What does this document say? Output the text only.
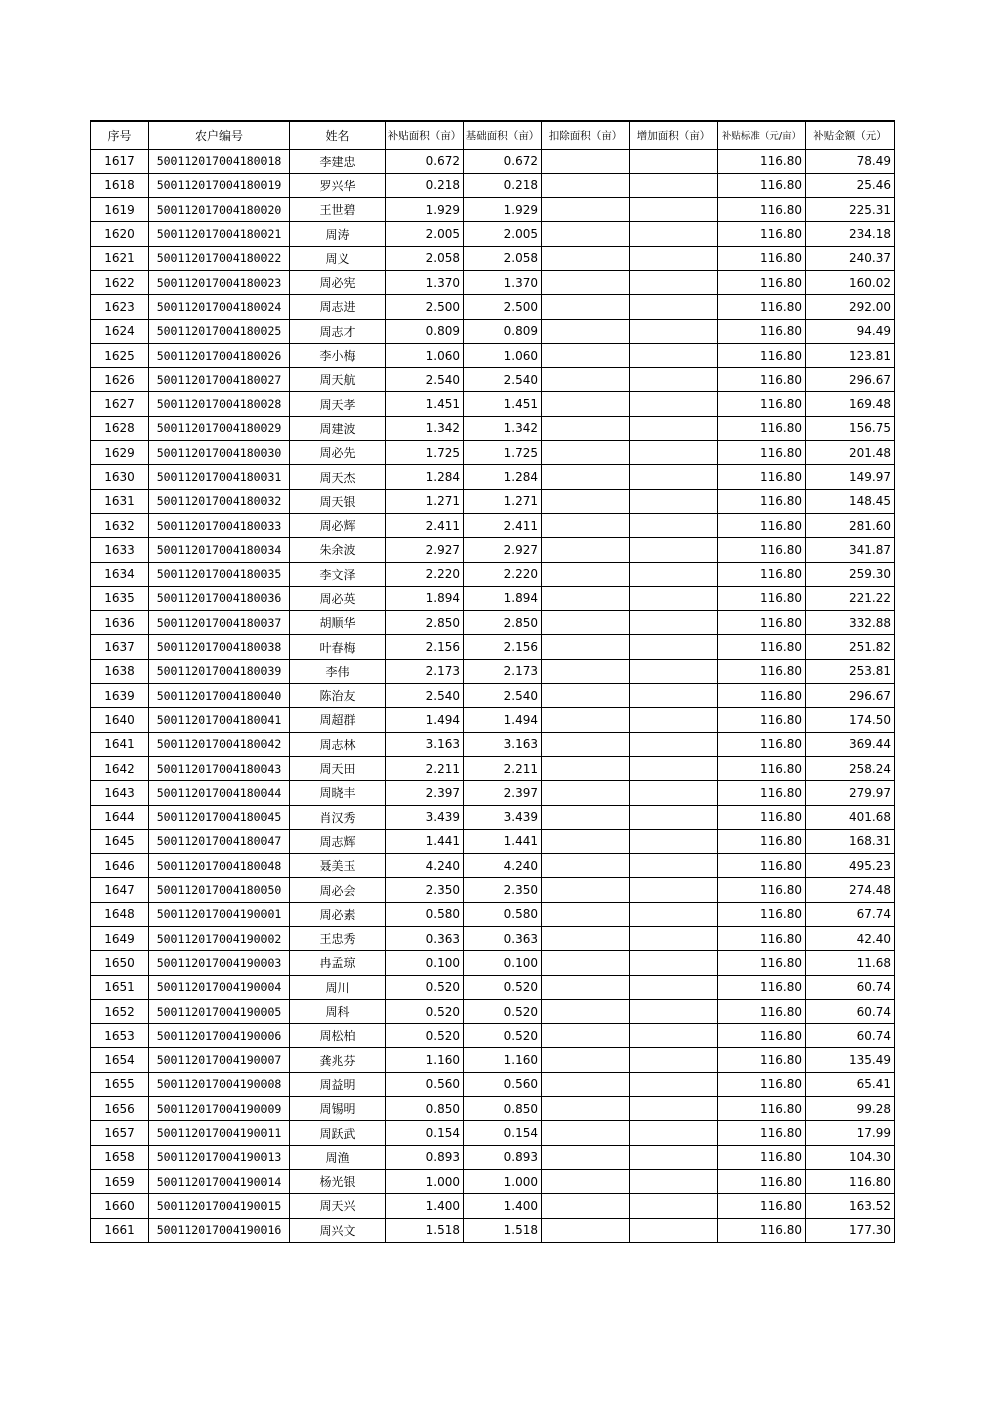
序号	农户编号	姓名	补贴面积（亩）	基础面积（亩）	扣除面积（亩）	增加面积（亩）	补贴标准（元/亩）	补贴金额（元）
1617	500112017004180018	李建忠	0.672	0.672			116.80	78.49
1618	500112017004180019	罗兴华	0.218	0.218			116.80	25.46
1619	500112017004180020	王世碧	1.929	1.929			116.80	225.31
1620	500112017004180021	周涛	2.005	2.005			116.80	234.18
1621	500112017004180022	周义	2.058	2.058			116.80	240.37
1622	500112017004180023	周必宪	1.370	1.370			116.80	160.02
1623	500112017004180024	周志进	2.500	2.500			116.80	292.00
1624	500112017004180025	周志才	0.809	0.809			116.80	94.49
1625	500112017004180026	李小梅	1.060	1.060			116.80	123.81
1626	500112017004180027	周天航	2.540	2.540			116.80	296.67
1627	500112017004180028	周天孝	1.451	1.451			116.80	169.48
1628	500112017004180029	周建波	1.342	1.342			116.80	156.75
1629	500112017004180030	周必先	1.725	1.725			116.80	201.48
1630	500112017004180031	周天杰	1.284	1.284			116.80	149.97
1631	500112017004180032	周天银	1.271	1.271			116.80	148.45
1632	500112017004180033	周必辉	2.411	2.411			116.80	281.60
1633	500112017004180034	朱余波	2.927	2.927			116.80	341.87
1634	500112017004180035	李文泽	2.220	2.220			116.80	259.30
1635	500112017004180036	周必英	1.894	1.894			116.80	221.22
1636	500112017004180037	胡顺华	2.850	2.850			116.80	332.88
1637	500112017004180038	叶春梅	2.156	2.156			116.80	251.82
1638	500112017004180039	李伟	2.173	2.173			116.80	253.81
1639	500112017004180040	陈治友	2.540	2.540			116.80	296.67
1640	500112017004180041	周超群	1.494	1.494			116.80	174.50
1641	500112017004180042	周志林	3.163	3.163			116.80	369.44
1642	500112017004180043	周天田	2.211	2.211			116.80	258.24
1643	500112017004180044	周晓丰	2.397	2.397			116.80	279.97
1644	500112017004180045	肖汉秀	3.439	3.439			116.80	401.68
1645	500112017004180047	周志辉	1.441	1.441			116.80	168.31
1646	500112017004180048	聂美玉	4.240	4.240			116.80	495.23
1647	500112017004180050	周必会	2.350	2.350			116.80	274.48
1648	500112017004190001	周必素	0.580	0.580			116.80	67.74
1649	500112017004190002	王忠秀	0.363	0.363			116.80	42.40
1650	500112017004190003	冉孟琼	0.100	0.100			116.80	11.68
1651	500112017004190004	周川	0.520	0.520			116.80	60.74
1652	500112017004190005	周科	0.520	0.520			116.80	60.74
1653	500112017004190006	周松柏	0.520	0.520			116.80	60.74
1654	500112017004190007	龚兆芬	1.160	1.160			116.80	135.49
1655	500112017004190008	周益明	0.560	0.560			116.80	65.41
1656	500112017004190009	周锡明	0.850	0.850			116.80	99.28
1657	500112017004190011	周跃武	0.154	0.154			116.80	17.99
1658	500112017004190013	周渔	0.893	0.893			116.80	104.30
1659	500112017004190014	杨光银	1.000	1.000			116.80	116.80
1660	500112017004190015	周天兴	1.400	1.400			116.80	163.52
1661	500112017004190016	周兴文	1.518	1.518			116.80	177.30
